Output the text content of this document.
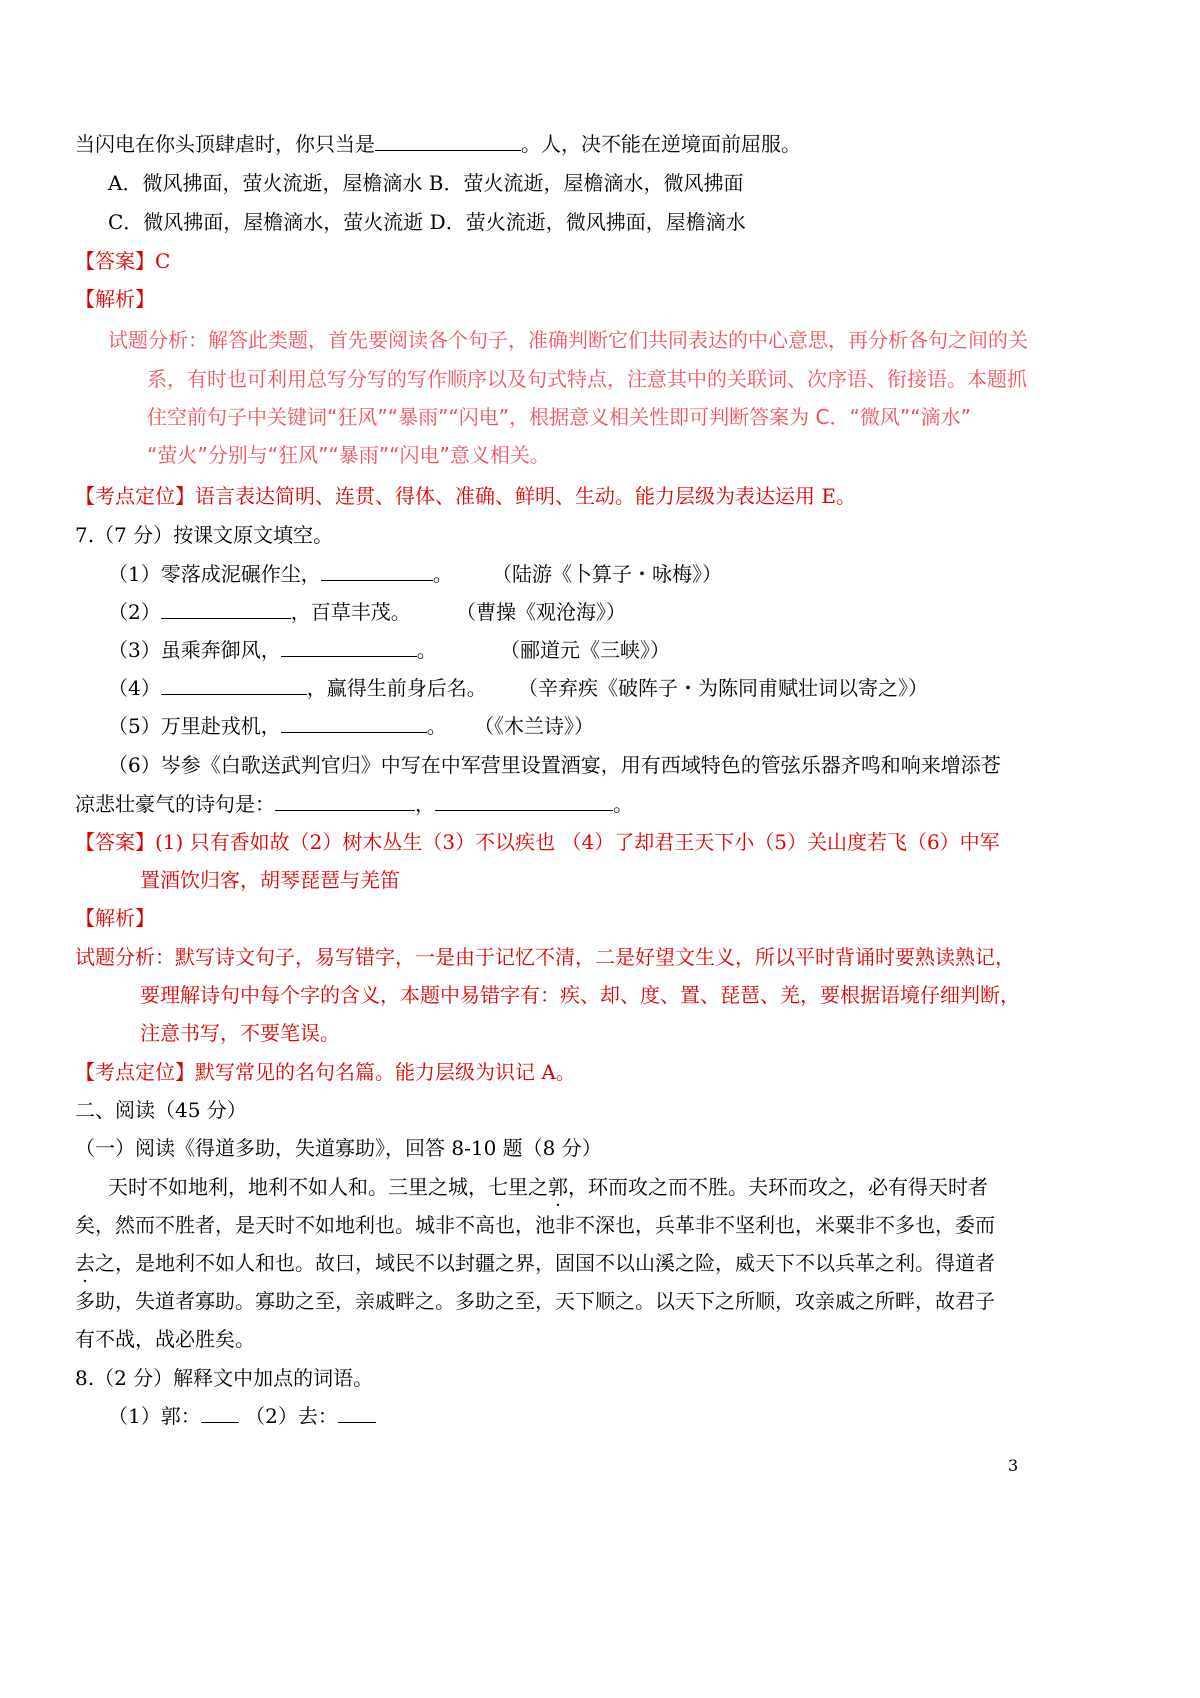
当闪电在你头顶肆虐时，你只当是	。人，决不能在逆境面前屈服。
A．微风拂面，萤火流逝，屋檐滴水 B．萤火流逝，屋檐滴水，微风拂面
C．微风拂面，屋檐滴水，萤火流逝 D．萤火流逝，微风拂面，屋檐滴水
【答案】C
【解析】
试题分析：解答此类题，首先要阅读各个句子，准确判断它们共同表达的中心意思，再分析各句之间的关
系，有时也可利用总写分写的写作顺序以及句式特点，注意其中的关联词、次序语、衔接语。本题抓
住空前句子中关键词“狂风”“暴雨”“闪电”，根据意义相关性即可判断答案为 C．“微风”“滴水”
“萤火”分别与“狂风”“暴雨”“闪电”意义相关。
【考点定位】语言表达简明、连贯、得体、准确、鲜明、生动。能力层级为表达运用 E。
7.（7 分）按课文原文填空。
（1）零落成泥碾作尘，	。 （陆游《卜算子・咏梅》）
（2）	，百草丰茂。 （曹操《观沧海》）
（3）虽乘奔御风，	。	（郦道元《三峡》）
（4）	，赢得生前身后名。 （辛弃疾《破阵子・为陈同甫赋壮词以寄之》）
（5）万里赴戎机，	。 （《木兰诗》）
（6）岑参《白歌送武判官归》中写在中军营里设置酒宴，用有西域特色的管弦乐器齐鸣和响来增添苍
凉悲壮豪气的诗句是：	，	。
【答案】(1) 只有香如故（2）树木丛生（3）不以疾也 （4）了却君王天下小（5）关山度若飞（6）中军
置酒饮归客，胡琴琵琶与羌笛
【解析】
试题分析：默写诗文句子，易写错字，一是由于记忆不清，二是好望文生义，所以平时背诵时要熟读熟记，
要理解诗句中每个字的含义，本题中易错字有：疾、却、度、置、琵琶、羌，要根据语境仔细判断，
注意书写，不要笔误。
【考点定位】默写常见的名句名篇。能力层级为识记 A。
二、阅读（45 分）
（一）阅读《得道多助，失道寡助》，回答 8-10 题（8 分）
天时不如地利，地利不如人和。三里之城，七里之郭，环而攻之而不胜。夫环而攻之，必有得天时者
矣，然而不胜者，是天时不如地利也。城非不高也，池非不深也，兵革非不坚利也，米粟非不多也，委而
去之，是地利不如人和也。故曰，域民不以封疆之界，固国不以山溪之险，威天下不以兵革之利。得道者
多助，失道者寡助。寡助之至，亲戚畔之。多助之至，天下顺之。以天下之所顺，攻亲戚之所畔，故君子
有不战，战必胜矣。
8.（2 分）解释文中加点的词语。
（1）郭： （2）去：
3
